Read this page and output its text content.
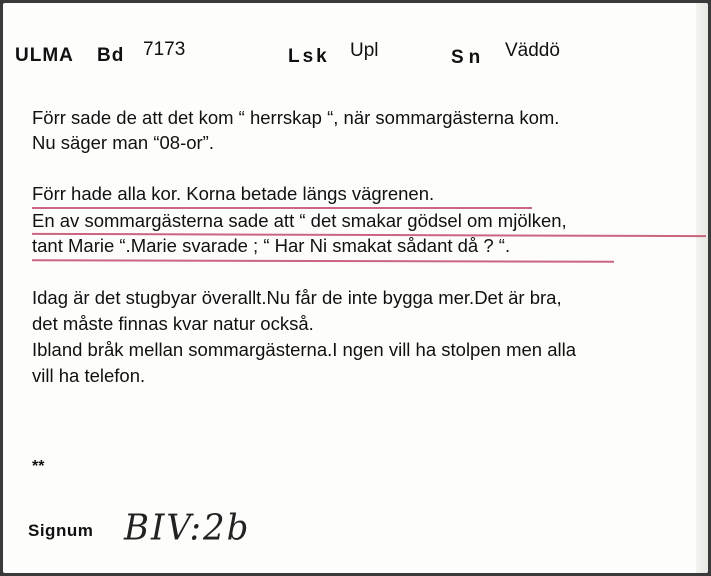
ULMA Bd 7173	Lsk Upl	Sn Väddö
Förr sade de att det kom “ herrskap “, när sommargästerna kom.
Nu säger man “08-or”.
Förr hade alla kor. Korna betade längs vägrenen.
En av sommargästerna sade att “ det smakar gödsel om mjölken,
tant Marie “.Marie svarade ; “ Har Ni smakat sådant då ? “.
Idag är det stugbyar överallt.Nu får de inte bygga mer.Det är bra,
det måste finnas kvar natur också.
Ibland bråk mellan sommargästerna.I ngen vill ha stolpen men alla
vill ha telefon.
**
Signum BIV:2b
